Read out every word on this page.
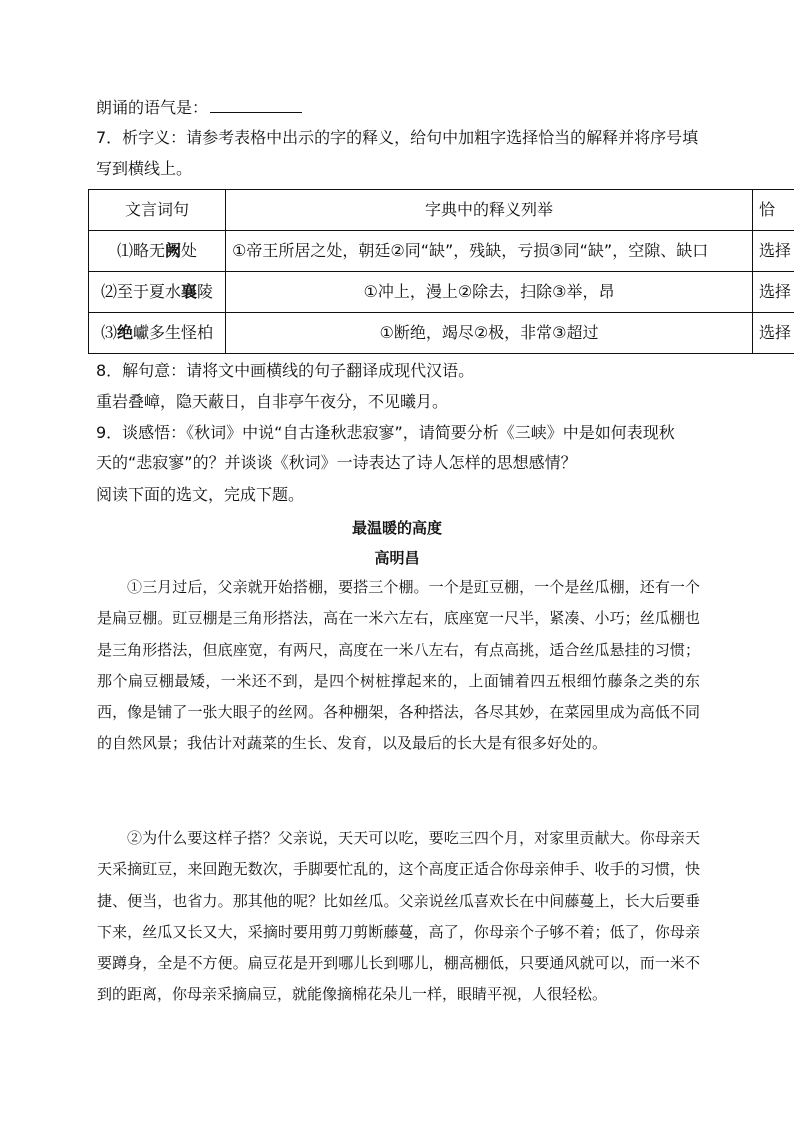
朗诵的语气是：
7．析字义：请参考表格中出示的字的释义，给句中加粗字选择恰当的解释并将序号填
写到横线上。
文言词句	字典中的释义列举	恰
⑴略无阙处	①帝王所居之处，朝廷②同“缺”，残缺，亏损③同“缺”，空隙、缺口	选择
⑵至于夏水襄陵	①冲上，漫上②除去，扫除③举，昂	选择
⑶绝巘多生怪柏	①断绝，竭尽②极，非常③超过	选择
8．解句意：请将文中画横线的句子翻译成现代汉语。
重岩叠嶂，隐天蔽日，自非亭午夜分，不见曦月。
9．谈感悟：《秋词》中说“自古逢秋悲寂寥”，请简要分析《三峡》中是如何表现秋
天的“悲寂寥”的？并谈谈《秋词》一诗表达了诗人怎样的思想感情？
阅读下面的选文，完成下题。
最温暖的高度
高明昌
①三月过后，父亲就开始搭棚，要搭三个棚。一个是豇豆棚，一个是丝瓜棚，还有一个是扁豆棚。豇豆棚是三角形搭法，高在一米六左右，底座宽一尺半，紧凑、小巧；丝瓜棚也是三角形搭法，但底座宽，有两尺，高度在一米八左右，有点高挑，适合丝瓜悬挂的习惯；那个扁豆棚最矮，一米还不到，是四个树桩撑起来的，上面铺着四五根细竹藤条之类的东西，像是铺了一张大眼子的丝网。各种棚架，各种搭法，各尽其妙，在菜园里成为高低不同的自然风景；我估计对蔬菜的生长、发育，以及最后的长大是有很多好处的。
②为什么要这样子搭？父亲说，天天可以吃，要吃三四个月，对家里贡献大。你母亲天天采摘豇豆，来回跑无数次，手脚要忙乱的，这个高度正适合你母亲伸手、收手的习惯，快捷、便当，也省力。那其他的呢？比如丝瓜。父亲说丝瓜喜欢长在中间藤蔓上，长大后要垂下来，丝瓜又长又大，采摘时要用剪刀剪断藤蔓，高了，你母亲个子够不着；低了，你母亲要蹲身，全是不方便。扁豆花是开到哪儿长到哪儿，棚高棚低，只要通风就可以，而一米不到的距离，你母亲采摘扁豆，就能像摘棉花朵儿一样，眼睛平视，人很轻松。
